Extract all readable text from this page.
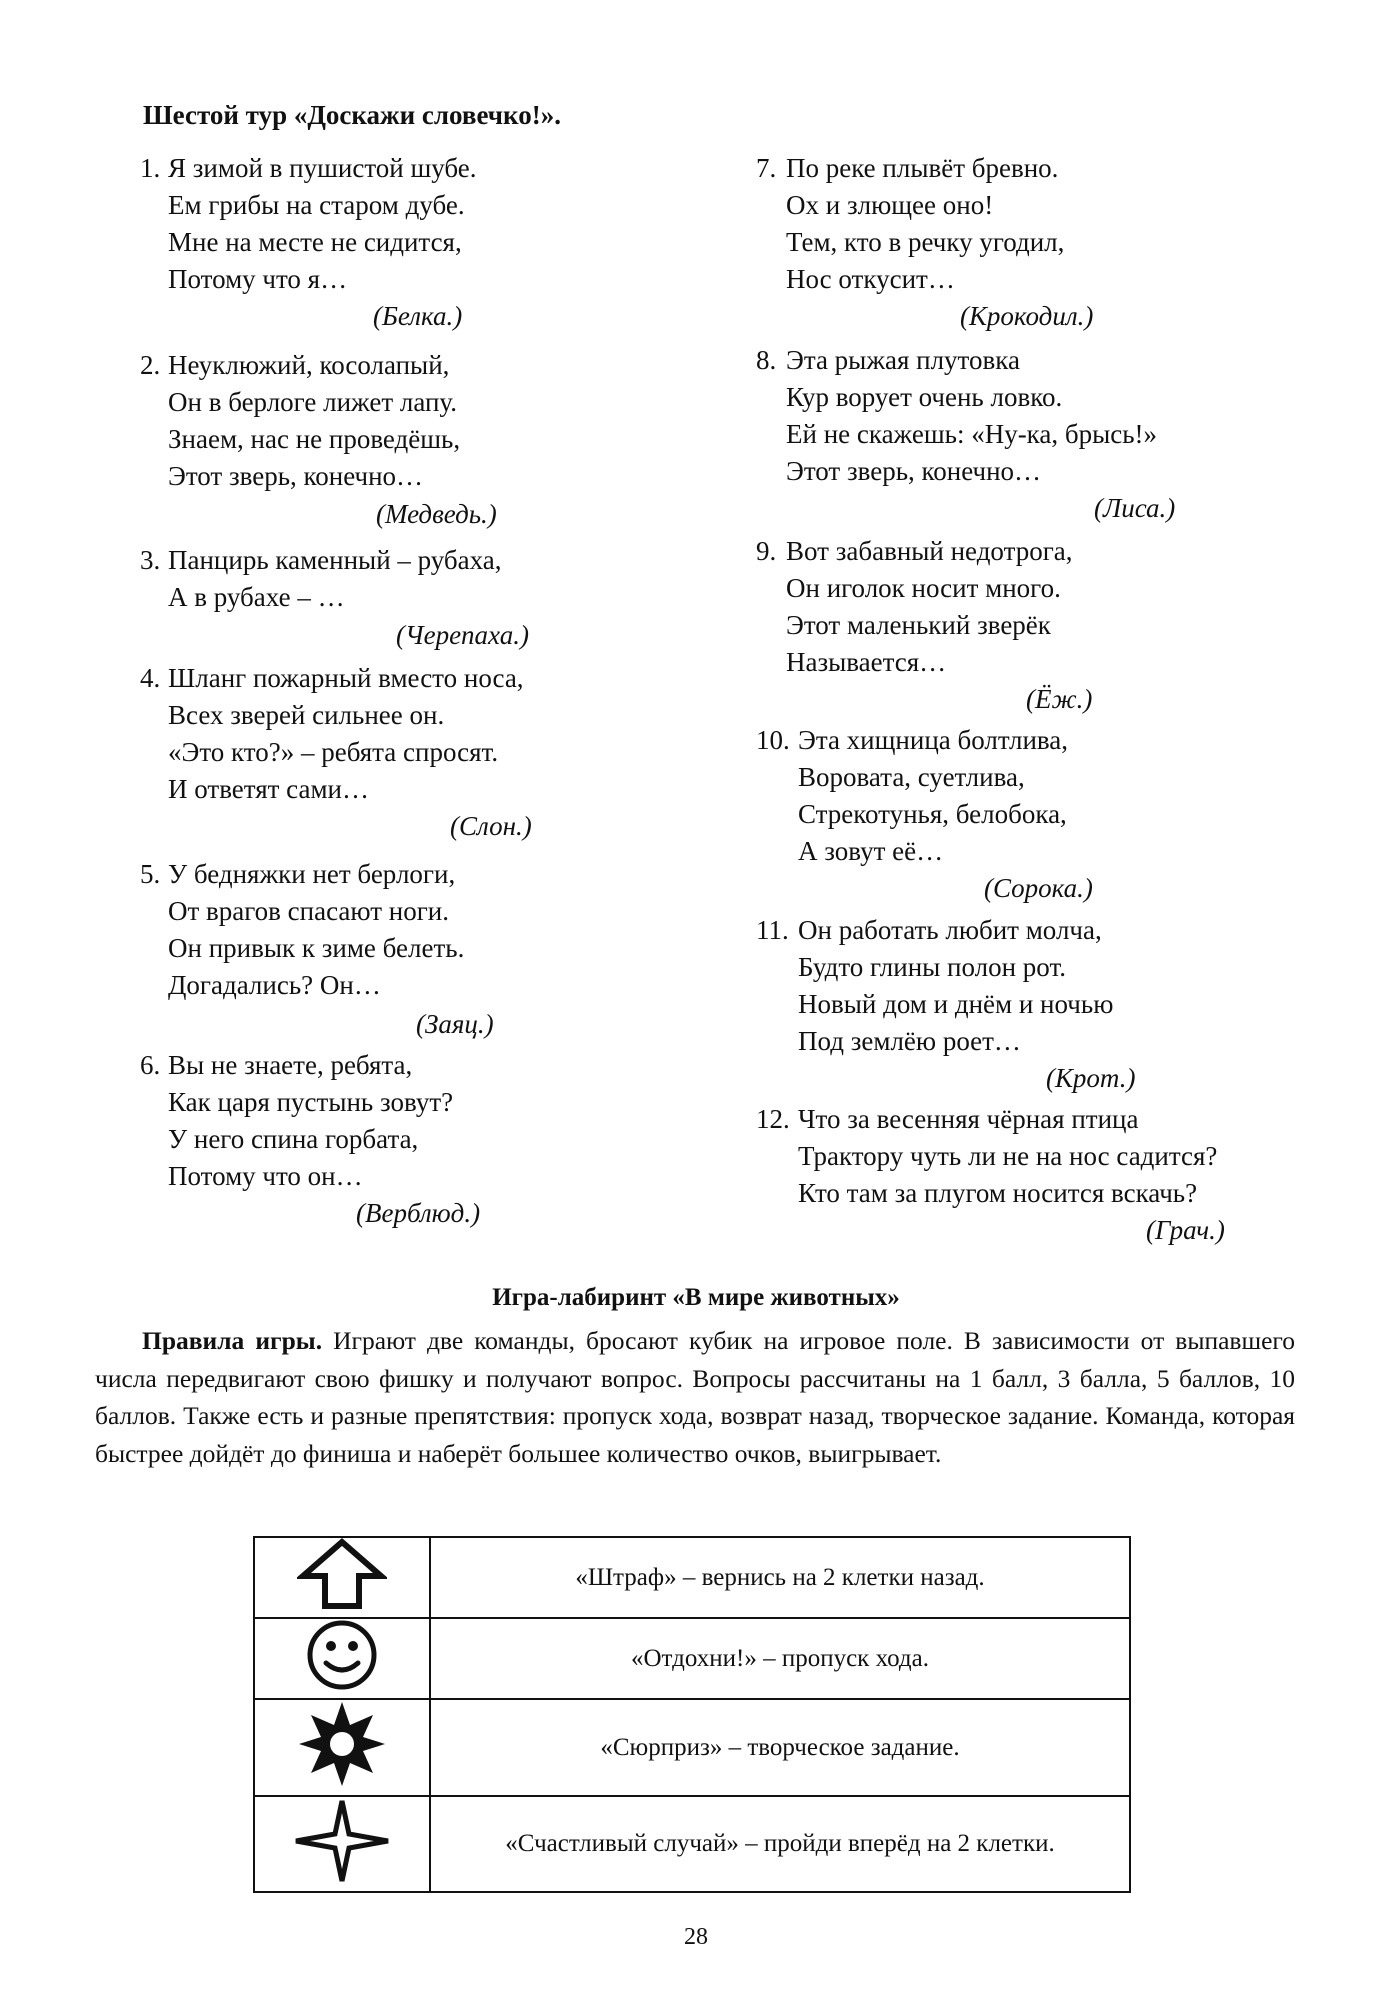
Шестой тур «Доскажи словечко!».
1. Я зимой в пушистой шубе.
Ем грибы на старом дубе.
Мне на месте не сидится,
Потому что я…
(Белка.)
2. Неуклюжий, косолапый,
Он в берлоге лижет лапу.
Знаем, нас не проведёшь,
Этот зверь, конечно…
(Медведь.)
3. Панцирь каменный – рубаха,
А в рубахе – …
(Черепаха.)
4. Шланг пожарный вместо носа,
Всех зверей сильнее он.
«Это кто?» – ребята спросят.
И ответят сами…
(Слон.)
5. У бедняжки нет берлоги,
От врагов спасают ноги.
Он привык к зиме белеть.
Догадались? Он…
(Заяц.)
6. Вы не знаете, ребята,
Как царя пустынь зовут?
У него спина горбата,
Потому что он…
(Верблюд.)
7. По реке плывёт бревно.
Ох и злющее оно!
Тем, кто в речку угодил,
Нос откусит…
(Крокодил.)
8. Эта рыжая плутовка
Кур ворует очень ловко.
Ей не скажешь: «Ну-ка, брысь!»
Этот зверь, конечно…
(Лиса.)
9. Вот забавный недотрога,
Он иголок носит много.
Этот маленький зверёк
Называется…
(Ёж.)
10. Эта хищница болтлива,
Воровата, суетлива,
Стрекотунья, белобока,
А зовут её…
(Сорока.)
11. Он работать любит молча,
Будто глины полон рот.
Новый дом и днём и ночью
Под землёю роет…
(Крот.)
12. Что за весенняя чёрная птица
Трактору чуть ли не на нос садится?
Кто там за плугом носится вскачь?
(Грач.)
Игра-лабиринт «В мире животных»

Правила игры. Играют две команды, бросают кубик на игровое поле. В зависимости от выпавшего числа передвигают свою фишку и получают вопрос. Вопросы рассчитаны на 1 балл, 3 балла, 5 баллов, 10 баллов. Также есть и разные препятствия: пропуск хода, возврат назад, творческое задание. Команда, которая быстрее дойдёт до финиша и наберёт большее количество очков, выигрывает.

	«Штраф» – вернись на 2 клетки назад.
	«Отдохни!» – пропуск хода.
	«Сюрприз» – творческое задание.
	«Счастливый случай» – пройди вперёд на 2 клетки.
28
